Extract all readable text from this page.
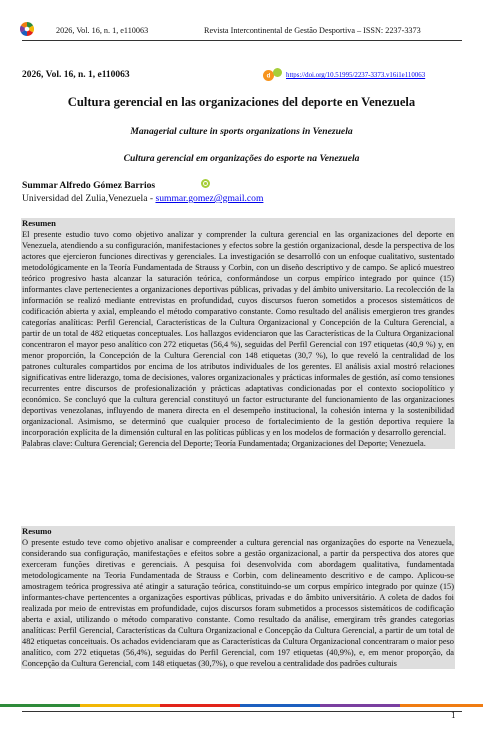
2026, Vol. 16, n. 1, e110063	Revista Intercontinental de Gestão Desportiva – ISSN: 2237-3373
2026, Vol. 16, n. 1, e110063	d https://doi.org/10.51995/2237-3373.v16i1e110063
Cultura gerencial en las organizaciones del deporte en Venezuela
Managerial culture in sports organizations in Venezuela
Cultura gerencial em organizações do esporte na Venezuela
Summar Alfredo Gómez Barrios
Universidad del Zulia,Venezuela - summar.gomez@gmail.com
Resumen

El presente estudio tuvo como objetivo analizar y comprender la cultura gerencial en las organizaciones del deporte en Venezuela, atendiendo a su configuración, manifestaciones y efectos sobre la gestión organizacional, desde la perspectiva de los actores que ejercieron funciones directivas y gerenciales. La investigación se desarrolló con un enfoque cualitativo, sustentado metodológicamente en la Teoría Fundamentada de Strauss y Corbin, con un diseño descriptivo y de campo. Se aplicó muestreo teórico progresivo hasta alcanzar la saturación teórica, conformándose un corpus empírico integrado por quince (15) informantes clave pertenecientes a organizaciones deportivas públicas, privadas y del ámbito universitario. La recolección de la información se realizó mediante entrevistas en profundidad, cuyos discursos fueron sometidos a procesos sistemáticos de codificación abierta y axial, empleando el método comparativo constante. Como resultado del análisis emergieron tres grandes categorías analíticas: Perfil Gerencial, Características de la Cultura Organizacional y Concepción de la Cultura Gerencial, a partir de un total de 482 etiquetas conceptuales. Los hallazgos evidenciaron que las Características de la Cultura Organizacional concentraron el mayor peso analítico con 272 etiquetas (56,4 %), seguidas del Perfil Gerencial con 197 etiquetas (40,9 %) y, en menor proporción, la Concepción de la Cultura Gerencial con 148 etiquetas (30,7 %), lo que reveló la centralidad de los patrones culturales compartidos por encima de los atributos individuales de los gerentes. El análisis axial mostró relaciones significativas entre liderazgo, toma de decisiones, valores organizacionales y prácticas informales de gestión, así como tensiones recurrentes entre discursos de profesionalización y prácticas adaptativas condicionadas por el contexto sociopolítico y económico. Se concluyó que la cultura gerencial constituyó un factor estructurante del funcionamiento de las organizaciones deportivas venezolanas, influyendo de manera directa en el desempeño institucional, la cohesión interna y la sostenibilidad organizacional. Asimismo, se determinó que cualquier proceso de fortalecimiento de la gestión deportiva requiere la incorporación explícita de la dimensión cultural en las políticas públicas y en los modelos de formación y desarrollo gerencial.

Palabras clave: Cultura Gerencial; Gerencia del Deporte; Teoría Fundamentada; Organizaciones del Deporte; Venezuela.

Resumo

O presente estudo teve como objetivo analisar e compreender a cultura gerencial nas organizações do esporte na Venezuela, considerando sua configuração, manifestações e efeitos sobre a gestão organizacional, a partir da perspectiva dos atores que exerceram funções diretivas e gerenciais. A pesquisa foi desenvolvida com abordagem qualitativa, fundamentada metodologicamente na Teoria Fundamentada de Strauss e Corbin, com delineamento descritivo e de campo. Aplicou-se amostragem teórica progressiva até atingir a saturação teórica, constituindo-se um corpus empírico integrado por quinze (15) informantes-chave pertencentes a organizações esportivas públicas, privadas e do âmbito universitário. A coleta de dados foi realizada por meio de entrevistas em profundidade, cujos discursos foram submetidos a processos sistemáticos de codificação aberta e axial, utilizando o método comparativo constante. Como resultado da análise, emergiram três grandes categorias analíticas: Perfil Gerencial, Características da Cultura Organizacional e Concepção da Cultura Gerencial, a partir de um total de 482 etiquetas conceituais. Os achados evidenciaram que as Características da Cultura Organizacional concentraram o maior peso analítico, com 272 etiquetas (56,4%), seguidas do Perfil Gerencial, com 197 etiquetas (40,9%), e, em menor proporção, da Concepção da Cultura Gerencial, com 148 etiquetas (30,7%), o que revelou a centralidade dos padrões culturais

1
